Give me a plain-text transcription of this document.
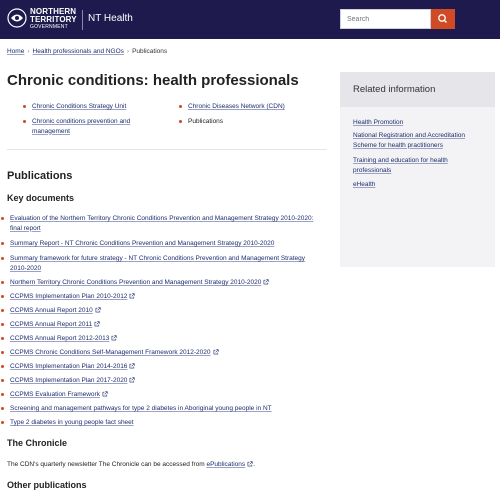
NORTHERN
TERRITORY
GOVERNMENT
NT Health
Search
Home › Health professionals and NGOs › Publications
Chronic conditions: health professionals
Chronic Conditions Strategy Unit
Chronic conditions prevention and management
Chronic Diseases Network (CDN)
Publications
Related information
Health Promotion
National Registration and Accreditation Scheme for health practitioners
Training and education for health professionals
eHealth
Publications
Key documents
Evaluation of the Northern Territory Chronic Conditions Prevention and Management Strategy 2010-2020: final report
Summary Report - NT Chronic Conditions Prevention and Management Strategy 2010-2020
Summary framework for future strategy - NT Chronic Conditions Prevention and Management Strategy 2010-2020
Northern Territory Chronic Conditions Prevention and Management Strategy 2010-2020
CCPMS Implementation Plan 2010-2012
CCPMS Annual Report 2010
CCPMS Annual Report 2011
CCPMS Annual Report 2012-2013
CCPMS Chronic Conditions Self-Management Framework 2012-2020
CCPMS Implementation Plan 2014-2016
CCPMS Implementation Plan 2017-2020
CCPMS Evaluation Framework
Screening and management pathways for type 2 diabetes in Aboriginal young people in NT
Type 2 diabetes in young people fact sheet
The Chronicle

The CDN's quarterly newsletter The Chronicle can be accessed from ePublications .

Other publications
